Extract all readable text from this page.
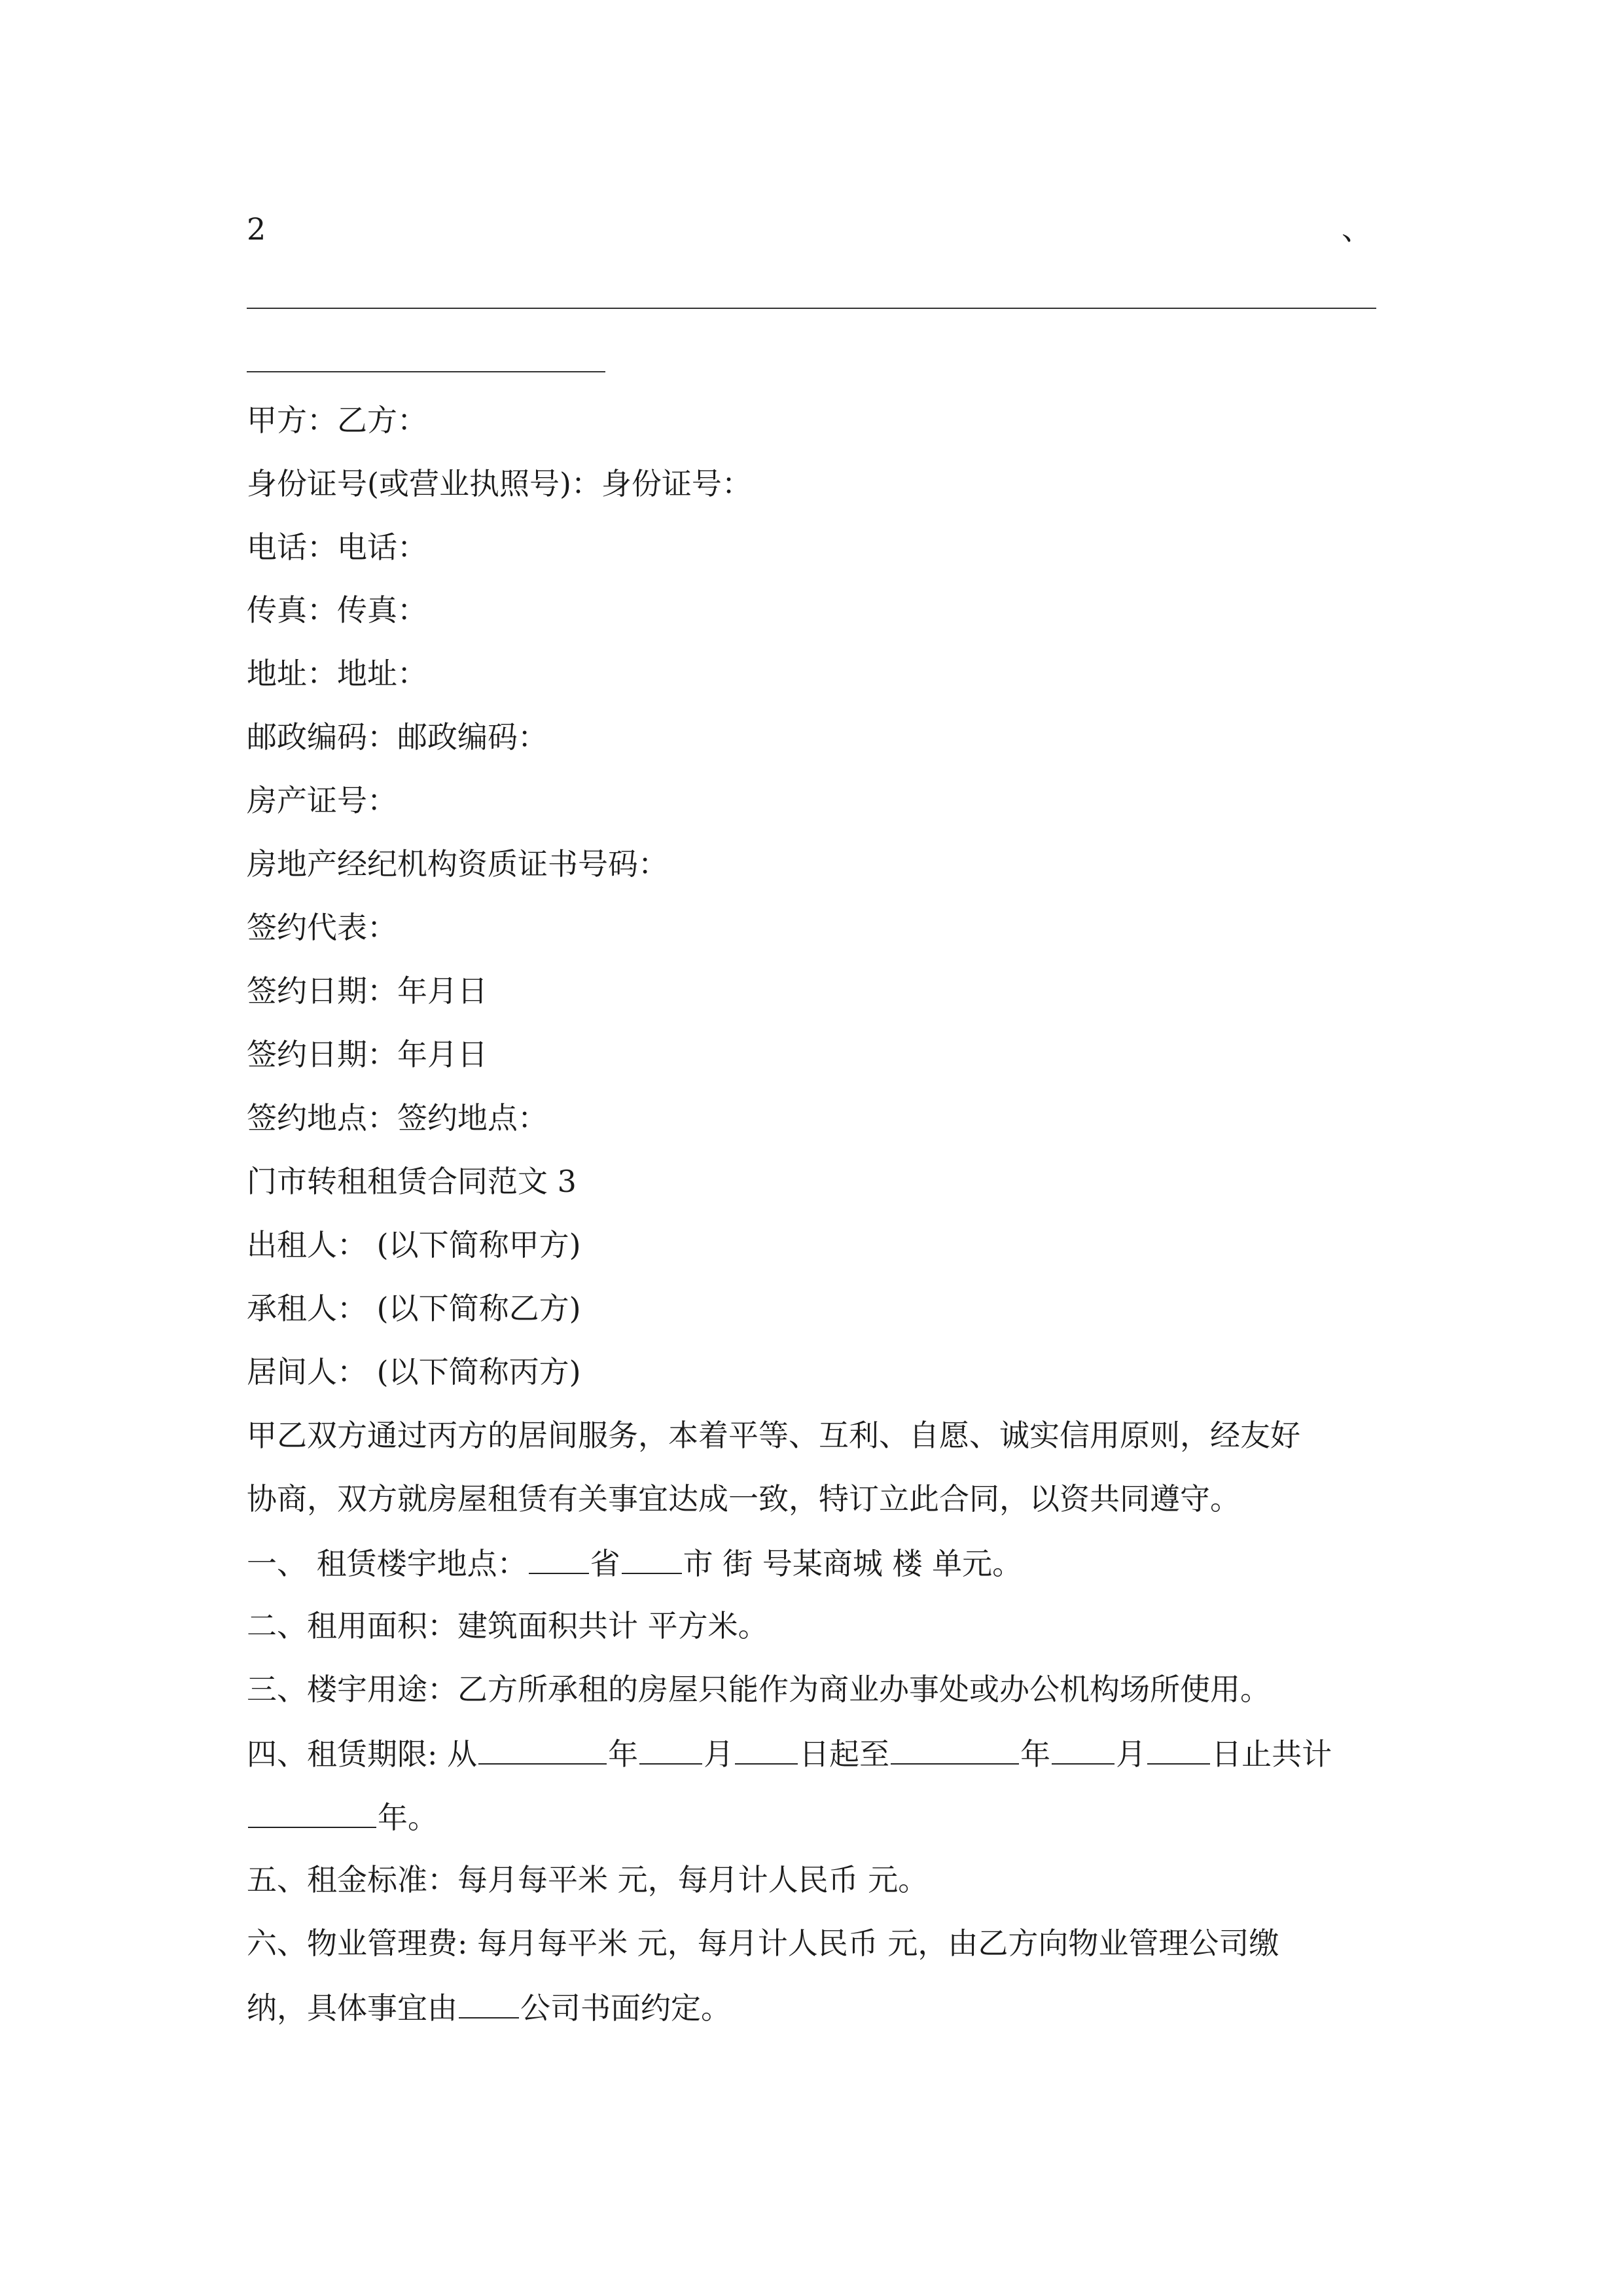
2	、
甲方：乙方：
身份证号(或营业执照号)：身份证号：
电话：电话：
传真：传真：
地址：地址：
邮政编码：邮政编码：
房产证号：
房地产经纪机构资质证书号码：
签约代表：
签约日期：年月日
签约日期：年月日
签约地点：签约地点：
门市转租租赁合同范文 3
出租人： (以下简称甲方)
承租人： (以下简称乙方)
居间人： (以下简称丙方)
甲乙双方通过丙方的居间服务，本着平等、互利、自愿、诚实信用原则，经友好
协商，双方就房屋租赁有关事宜达成一致，特订立此合同，以资共同遵守。
一、 租赁楼宇地点： 省 市 街 号某商城 楼 单元。
二、租用面积：建筑面积共计 平方米。
三、楼宇用途：乙方所承租的房屋只能作为商业办事处或办公机构场所使用。
四、租赁期限: 从	年 月 日起至	年 月 日止共计
年。
五、租金标准：每月每平米 元，每月计人民币 元。
六、物业管理费: 每月每平米 元，每月计人民币 元，由乙方向物业管理公司缴
纳，具体事宜由 公司书面约定。
